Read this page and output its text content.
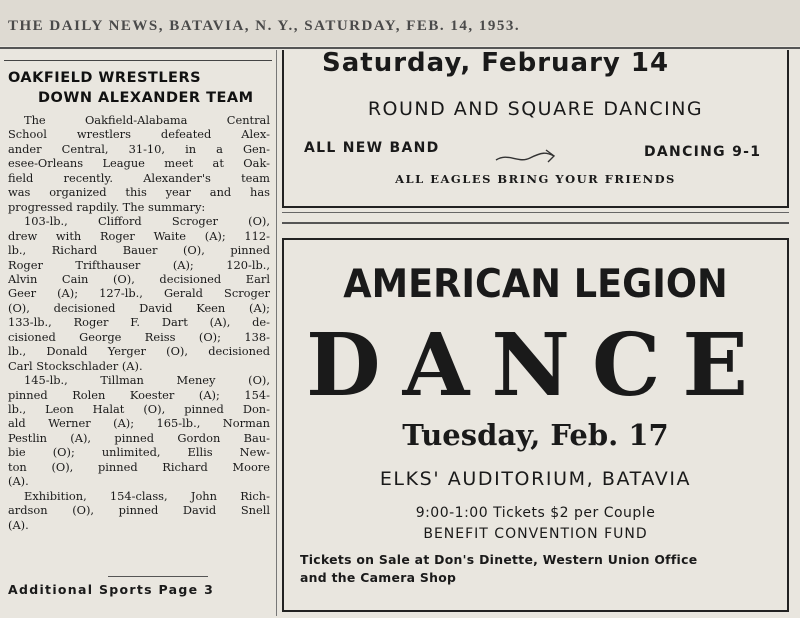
THE DAILY NEWS, BATAVIA, N. Y., SATURDAY, FEB. 14, 1953.
OAKFIELD WRESTLERS
DOWN ALEXANDER TEAM
The Oakfield-Alabama Central
School wrestlers defeated Alex-
ander Central, 31-10, in a Gen-
esee-Orleans League meet at Oak-
field recently. Alexander's team
was organized this year and has
progressed rapdily. The summary:
103-lb., Clifford Scroger (O),
drew with Roger Waite (A); 112-
lb., Richard Bauer (O), pinned
Roger Trifthauser (A); 120-lb.,
Alvin Cain (O), decisioned Earl
Geer (A); 127-lb., Gerald Scroger
(O), decisioned David Keen (A);
133-lb., Roger F. Dart (A), de-
cisioned George Reiss (O); 138-
lb., Donald Yerger (O), decisioned
Carl Stockschlader (A).
145-lb., Tillman Meney (O),
pinned Rolen Koester (A); 154-
lb., Leon Halat (O), pinned Don-
ald Werner (A); 165-lb., Norman
Pestlin (A), pinned Gordon Bau-
bie (O); unlimited, Ellis New-
ton (O), pinned Richard Moore
(A).
Exhibition, 154-class, John Rich-
ardson (O), pinned David Snell
(A).
Additional Sports Page 3
Saturday, February 14
ROUND AND SQUARE DANCING
ALL NEW BAND	DANCING 9-1
ALL EAGLES BRING YOUR FRIENDS
AMERICAN LEGION
DANCE
Tuesday, Feb. 17
ELKS' AUDITORIUM, BATAVIA
9:00-1:00 Tickets $2 per Couple
BENEFIT CONVENTION FUND
Tickets on Sale at Don's Dinette, Western Union Office
and the Camera Shop
